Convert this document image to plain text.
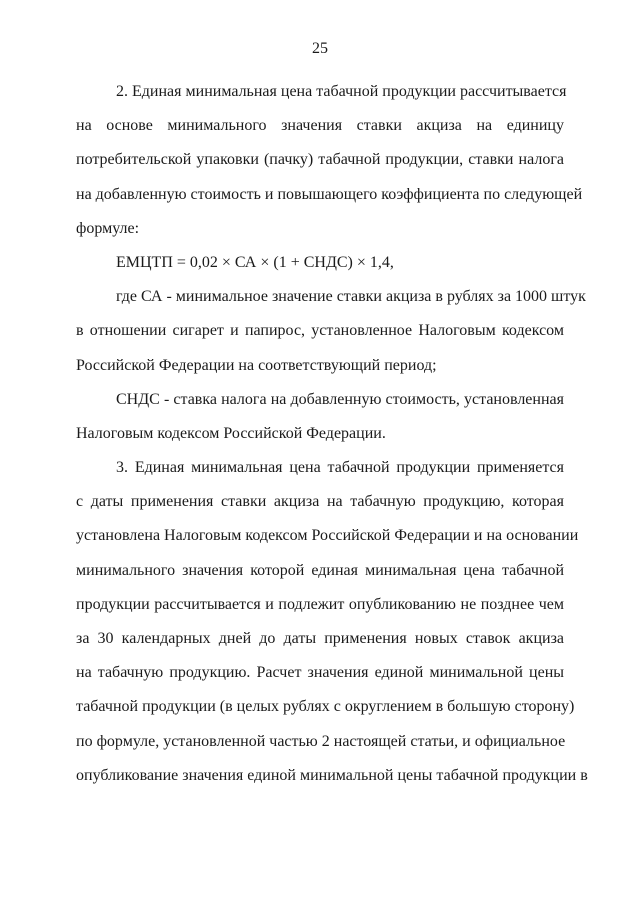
25
2. Единая минимальная цена табачной продукции рассчитывается
на основе минимального значения ставки акциза на единицу
потребительской упаковки (пачку) табачной продукции, ставки налога
на добавленную стоимость и повышающего коэффициента по следующей
формуле:
ЕМЦТП = 0,02 × СА × (1 + СНДС) × 1,4,
где СА - минимальное значение ставки акциза в рублях за 1000 штук
в отношении сигарет и папирос, установленное Налоговым кодексом
Российской Федерации на соответствующий период;
СНДС - ставка налога на добавленную стоимость, установленная
Налоговым кодексом Российской Федерации.
3. Единая минимальная цена табачной продукции применяется
с даты применения ставки акциза на табачную продукцию, которая
установлена Налоговым кодексом Российской Федерации и на основании
минимального значения которой единая минимальная цена табачной
продукции рассчитывается и подлежит опубликованию не позднее чем
за 30 календарных дней до даты применения новых ставок акциза
на табачную продукцию. Расчет значения единой минимальной цены
табачной продукции (в целых рублях с округлением в большую сторону)
по формуле, установленной частью 2 настоящей статьи, и официальное
опубликование значения единой минимальной цены табачной продукции в
